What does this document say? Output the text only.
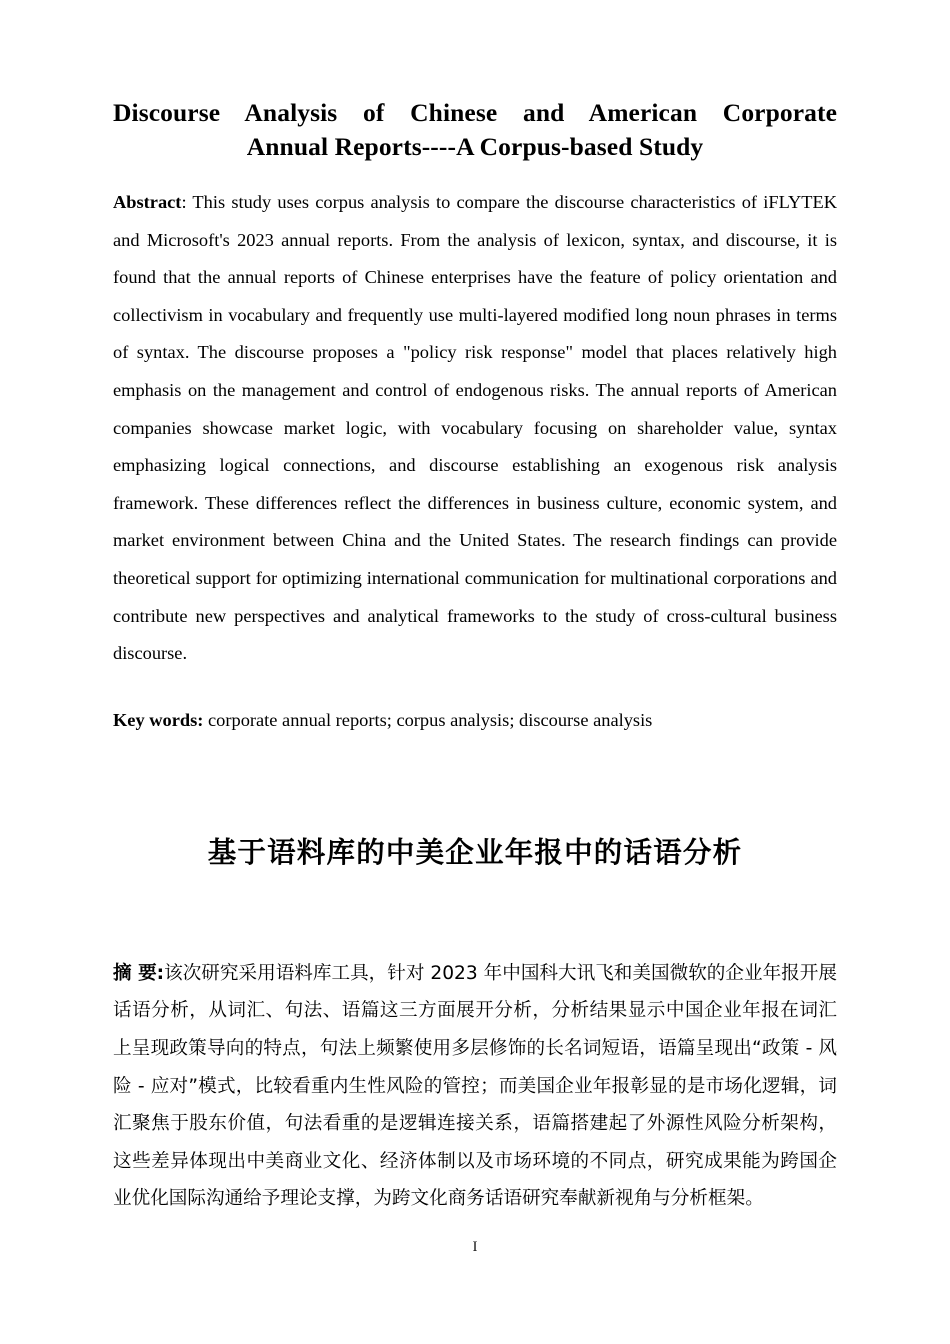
Discourse Analysis of Chinese and American Corporate
Annual Reports----A Corpus-based Study

Abstract: This study uses corpus analysis to compare the discourse characteristics of iFLYTEK and Microsoft's 2023 annual reports. From the analysis of lexicon, syntax, and discourse, it is found that the annual reports of Chinese enterprises have the feature of policy orientation and collectivism in vocabulary and frequently use multi-layered modified long noun phrases in terms of syntax. The discourse proposes a "policy risk response" model that places relatively high emphasis on the management and control of endogenous risks. The annual reports of American companies showcase market logic, with vocabulary focusing on shareholder value, syntax emphasizing logical connections, and discourse establishing an exogenous risk analysis framework. These differences reflect the differences in business culture, economic system, and market environment between China and the United States. The research findings can provide theoretical support for optimizing international communication for multinational corporations and contribute new perspectives and analytical frameworks to the study of cross-cultural business discourse.

Key words: corporate annual reports; corpus analysis; discourse analysis

基于语料库的中美企业年报中的话语分析

摘 要:该次研究采用语料库工具，针对 2023 年中国科大讯飞和美国微软的企业年报开展话语分析，从词汇、句法、语篇这三方面展开分析，分析结果显示中国企业年报在词汇上呈现政策导向的特点，句法上频繁使用多层修饰的长名词短语，语篇呈现出“政策 - 风险 - 应对”模式，比较看重内生性风险的管控；而美国企业年报彰显的是市场化逻辑，词汇聚焦于股东价值，句法看重的是逻辑连接关系，语篇搭建起了外源性风险分析架构，这些差异体现出中美商业文化、经济体制以及市场环境的不同点，研究成果能为跨国企业优化国际沟通给予理论支撑，为跨文化商务话语研究奉献新视角与分析框架。

I
